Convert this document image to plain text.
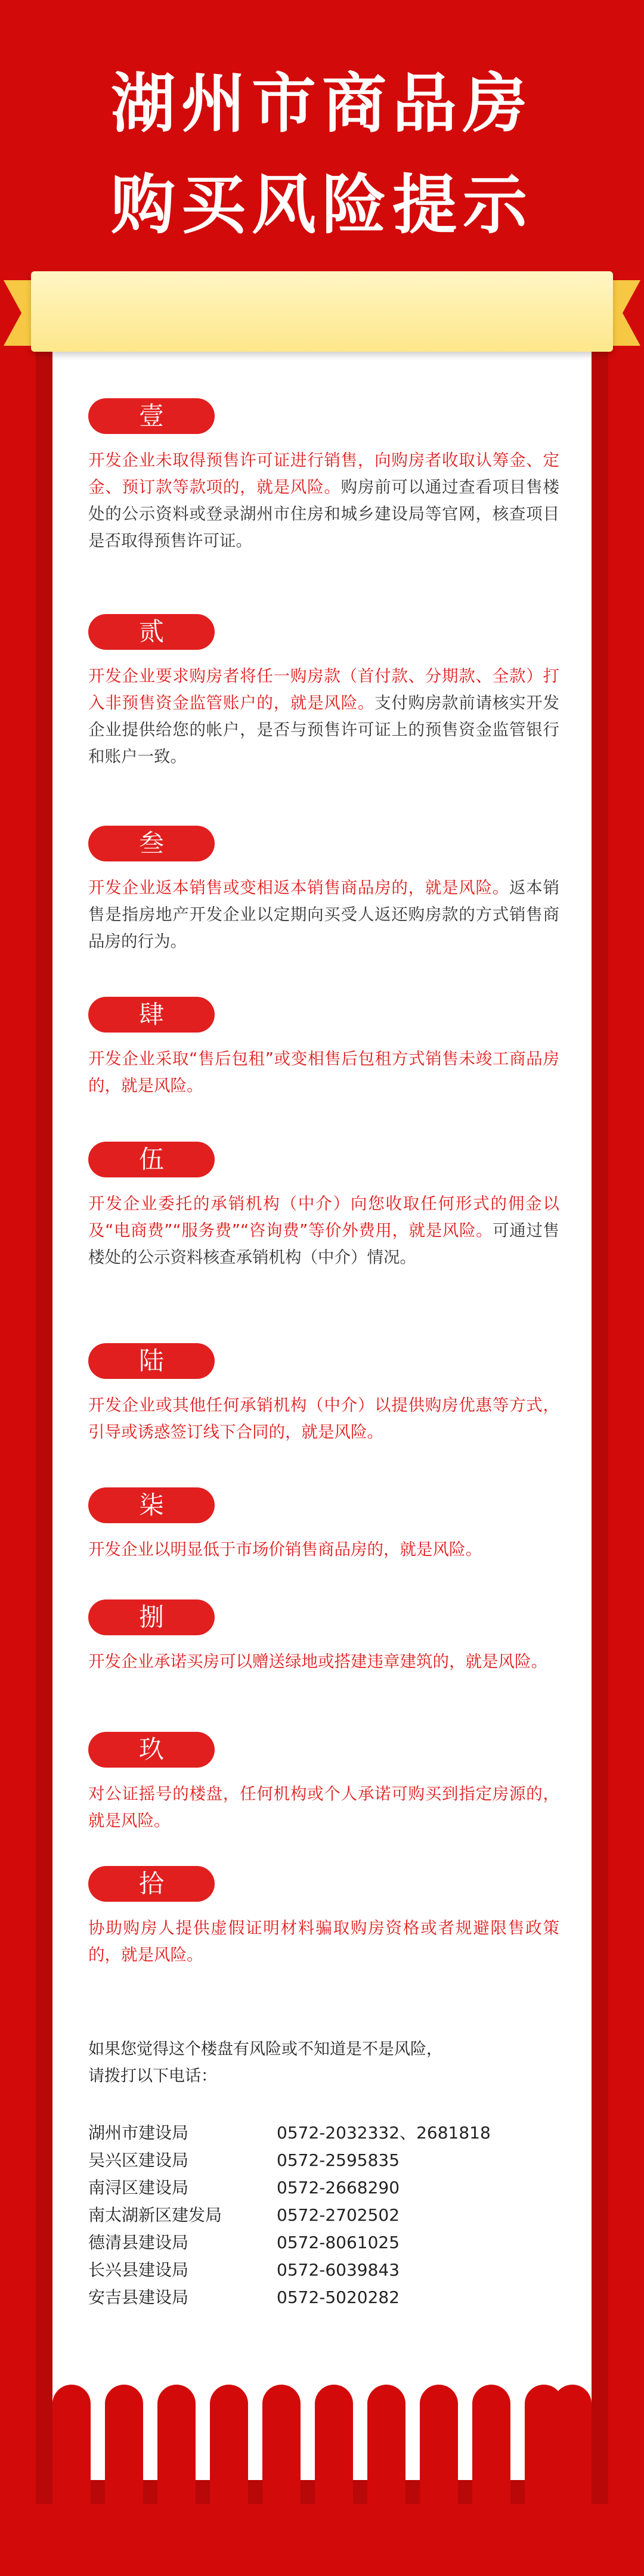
湖州市商品房
购买风险提示
壹

开发企业未取得预售许可证进行销售，向购房者收取认筹金、定金、预订款等款项的，就是风险。购房前可以通过查看项目售楼处的公示资料或登录湖州市住房和城乡建设局等官网，核查项目是否取得预售许可证。

贰

开发企业要求购房者将任一购房款（首付款、分期款、全款）打入非预售资金监管账户的，就是风险。支付购房款前请核实开发企业提供给您的帐户，是否与预售许可证上的预售资金监管银行和账户一致。

叁

开发企业返本销售或变相返本销售商品房的，就是风险。返本销售是指房地产开发企业以定期向买受人返还购房款的方式销售商品房的行为。

肆

开发企业采取“售后包租”或变相售后包租方式销售未竣工商品房的，就是风险。

伍

开发企业委托的承销机构（中介）向您收取任何形式的佣金以及“电商费”“服务费”“咨询费”等价外费用，就是风险。可通过售楼处的公示资料核查承销机构（中介）情况。

陆

开发企业或其他任何承销机构（中介）以提供购房优惠等方式，引导或诱惑签订线下合同的，就是风险。

柒

开发企业以明显低于市场价销售商品房的，就是风险。

捌

开发企业承诺买房可以赠送绿地或搭建违章建筑的，就是风险。

玖

对公证摇号的楼盘，任何机构或个人承诺可购买到指定房源的，就是风险。

拾

协助购房人提供虚假证明材料骗取购房资格或者规避限售政策的，就是风险。

如果您觉得这个楼盘有风险或不知道是不是风险，
请拨打以下电话：
湖州市建设局	0572-2032332、2681818
吴兴区建设局	0572-2595835
南浔区建设局	0572-2668290
南太湖新区建发局	0572-2702502
德清县建设局	0572-8061025
长兴县建设局	0572-6039843
安吉县建设局	0572-5020282
